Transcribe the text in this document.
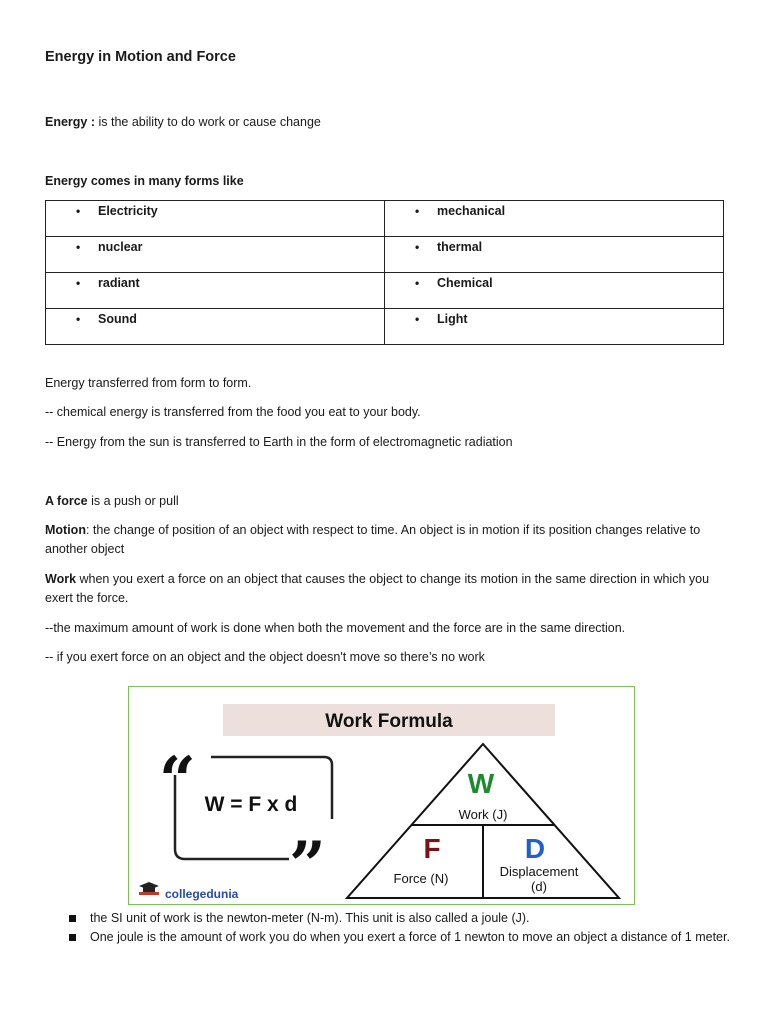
Energy in Motion and Force

Energy : is the ability to do work or cause change

Energy comes in many forms like

• Electricity	• mechanical

• nuclear	• thermal

• radiant	• Chemical

• Sound	• Light

Energy transferred from form to form.

-- chemical energy is transferred from the food you eat to your body.

-- Energy from the sun is transferred to Earth in the form of electromagnetic radiation

A force is a push or pull

Motion: the change of position of an object with respect to time. An object is in motion if its position changes relative to another object

Work when you exert a force on an object that causes the object to change its motion in the same direction in which you exert the force.

--the maximum amount of work is done when both the movement and the force are in the same direction.

-- if you exert force on an object and the object doesn't move so there’s no work

Work Formula
“
”
W = F x d
W
Work (J)
F
Force (N)
D
Displacement
(d)
collegedunia
the SI unit of work is the newton-meter (N-m). This unit is also called a joule (J).
One joule is the amount of work you do when you exert a force of 1 newton to move an object a distance of 1 meter.
